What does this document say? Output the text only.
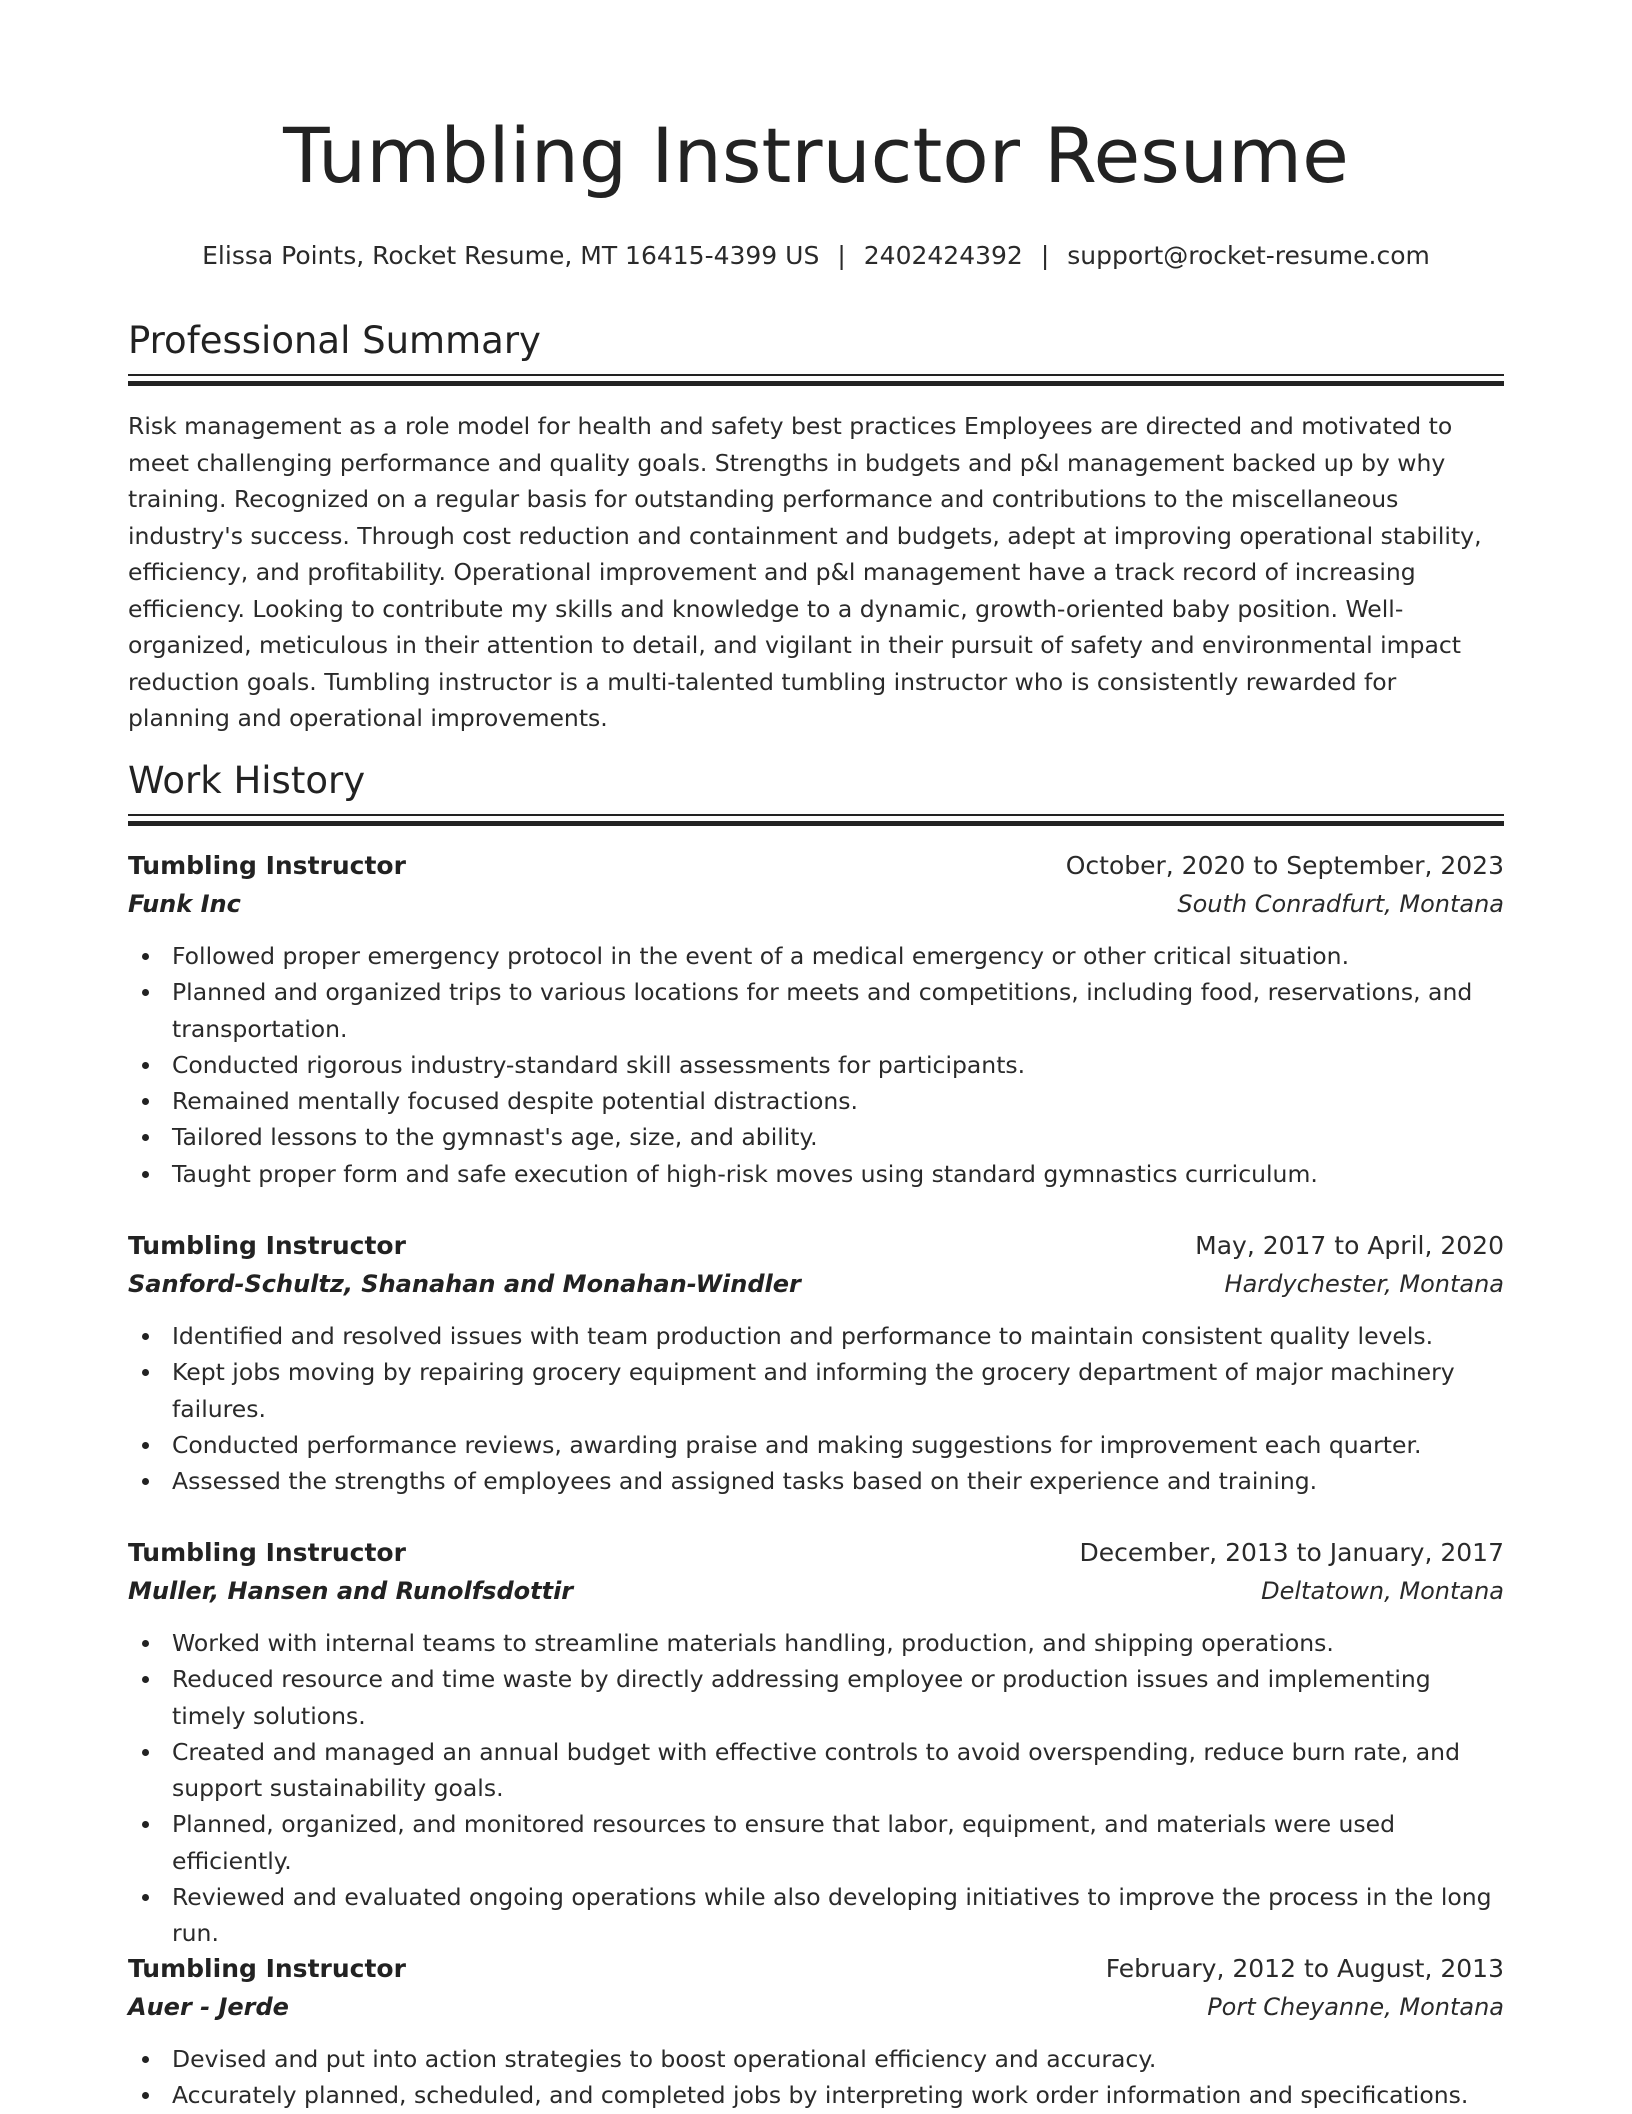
Tumbling Instructor Resume
Elissa Points, Rocket Resume, MT 16415-4399 US | 2402424392 | support@rocket-resume.com
Professional Summary

Risk management as a role model for health and safety best practices Employees are directed and motivated to meet challenging performance and quality goals. Strengths in budgets and p&l management backed up by why training. Recognized on a regular basis for outstanding performance and contributions to the miscellaneous industry's success. Through cost reduction and containment and budgets, adept at improving operational stability, efficiency, and profitability. Operational improvement and p&l management have a track record of increasing efficiency. Looking to contribute my skills and knowledge to a dynamic, growth-oriented baby position. Well-organized, meticulous in their attention to detail, and vigilant in their pursuit of safety and environmental impact reduction goals. Tumbling instructor is a multi-talented tumbling instructor who is consistently rewarded for planning and operational improvements.

Work History
Tumbling Instructor	October, 2020 to September, 2023
Funk Inc	South Conradfurt, Montana
Followed proper emergency protocol in the event of a medical emergency or other critical situation.
Planned and organized trips to various locations for meets and competitions, including food, reservations, and transportation.
Conducted rigorous industry-standard skill assessments for participants.
Remained mentally focused despite potential distractions.
Tailored lessons to the gymnast's age, size, and ability.
Taught proper form and safe execution of high-risk moves using standard gymnastics curriculum.
Tumbling Instructor	May, 2017 to April, 2020
Sanford-Schultz, Shanahan and Monahan-Windler	Hardychester, Montana
Identified and resolved issues with team production and performance to maintain consistent quality levels.
Kept jobs moving by repairing grocery equipment and informing the grocery department of major machinery failures.
Conducted performance reviews, awarding praise and making suggestions for improvement each quarter.
Assessed the strengths of employees and assigned tasks based on their experience and training.
Tumbling Instructor	December, 2013 to January, 2017
Muller, Hansen and Runolfsdottir	Deltatown, Montana
Worked with internal teams to streamline materials handling, production, and shipping operations.
Reduced resource and time waste by directly addressing employee or production issues and implementing timely solutions.
Created and managed an annual budget with effective controls to avoid overspending, reduce burn rate, and support sustainability goals.
Planned, organized, and monitored resources to ensure that labor, equipment, and materials were used efficiently.
Reviewed and evaluated ongoing operations while also developing initiatives to improve the process in the long run.
Tumbling Instructor	February, 2012 to August, 2013
Auer - Jerde	Port Cheyanne, Montana
Devised and put into action strategies to boost operational efficiency and accuracy.
Accurately planned, scheduled, and completed jobs by interpreting work order information and specifications.
